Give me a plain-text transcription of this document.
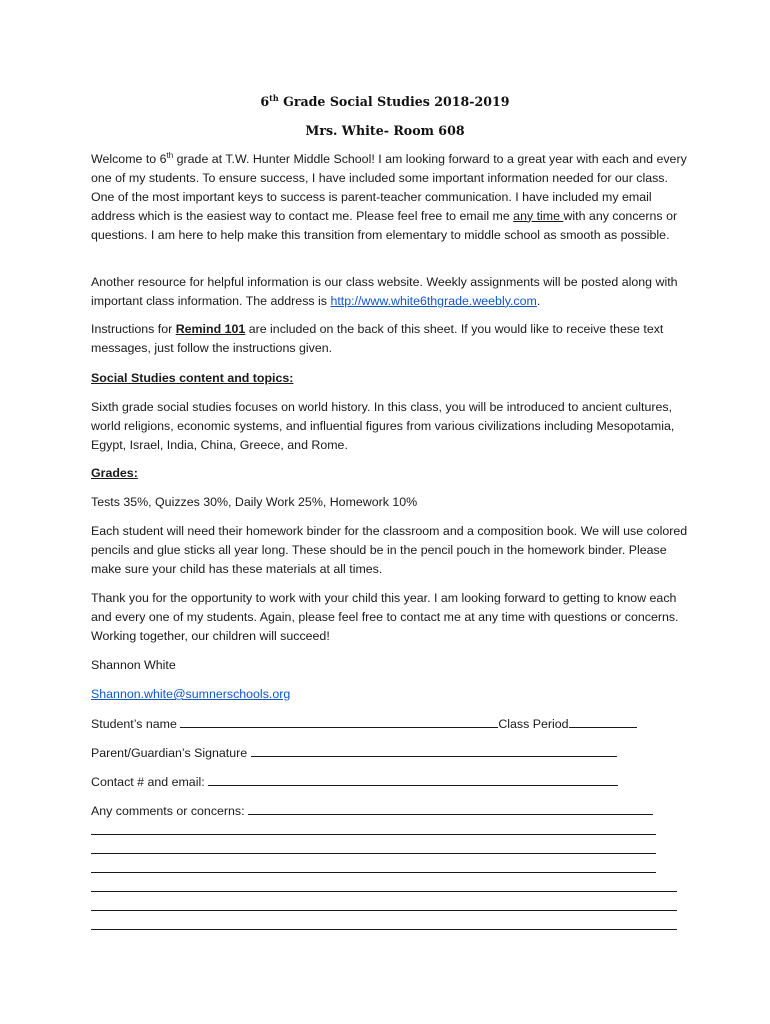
6th Grade Social Studies 2018-2019
Mrs. White- Room 608

Welcome to 6th grade at T.W. Hunter Middle School! I am looking forward to a great year with each and every one of my students. To ensure success, I have included some important information needed for our class. One of the most important keys to success is parent-teacher communication. I have included my email address which is the easiest way to contact me. Please feel free to email me any time with any concerns or questions. I am here to help make this transition from elementary to middle school as smooth as possible.

Another resource for helpful information is our class website. Weekly assignments will be posted along with important class information. The address is http://www.white6thgrade.weebly.com.

Instructions for Remind 101 are included on the back of this sheet. If you would like to receive these text messages, just follow the instructions given.

Social Studies content and topics:

Sixth grade social studies focuses on world history. In this class, you will be introduced to ancient cultures, world religions, economic systems, and influential figures from various civilizations including Mesopotamia, Egypt, Israel, India, China, Greece, and Rome.

Grades:

Tests 35%, Quizzes 30%, Daily Work 25%, Homework 10%

Each student will need their homework binder for the classroom and a composition book. We will use colored pencils and glue sticks all year long. These should be in the pencil pouch in the homework binder. Please make sure your child has these materials at all times.

Thank you for the opportunity to work with your child this year. I am looking forward to getting to know each and every one of my students. Again, please feel free to contact me at any time with questions or concerns. Working together, our children will succeed!

Shannon White

Shannon.white@sumnerschools.org

Student’s name	Class Period
Parent/Guardian’s Signature
Contact # and email:
Any comments or concerns:
